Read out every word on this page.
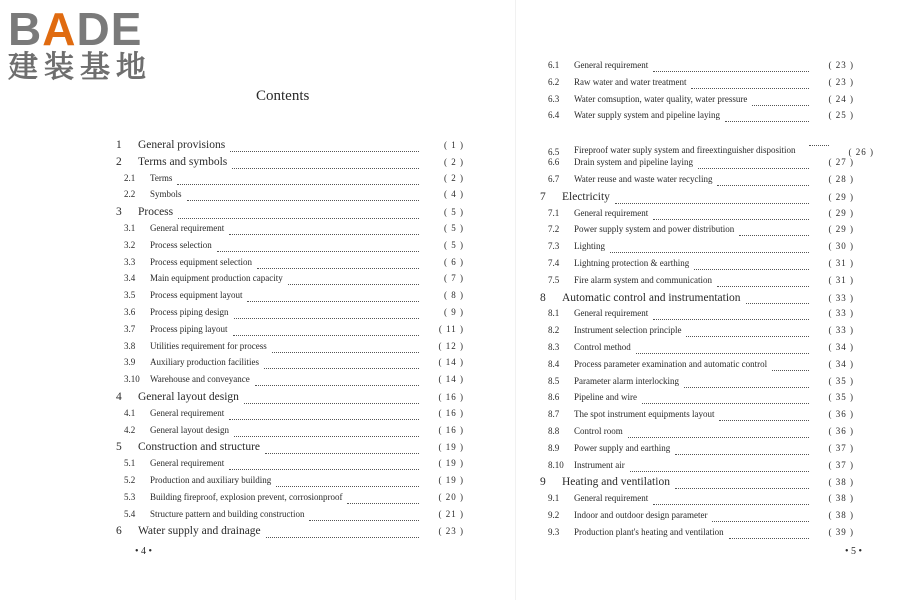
BADE
建装基地
Contents
1	General provisions	( 1 )
2	Terms and symbols	( 2 )
2.1	Terms	( 2 )
2.2	Symbols	( 4 )
3	Process	( 5 )
3.1	General requirement	( 5 )
3.2	Process selection	( 5 )
3.3	Process equipment selection	( 6 )
3.4	Main equipment production capacity	( 7 )
3.5	Process equipment layout	( 8 )
3.6	Process piping design	( 9 )
3.7	Process piping layout	( 11 )
3.8	Utilities requirement for process	( 12 )
3.9	Auxiliary production facilities	( 14 )
3.10	Warehouse and conveyance	( 14 )
4	General layout design	( 16 )
4.1	General requirement	( 16 )
4.2	General layout design	( 16 )
5	Construction and structure	( 19 )
5.1	General requirement	( 19 )
5.2	Production and auxiliary building	( 19 )
5.3	Building fireproof, explosion prevent, corrosionproof	( 20 )
5.4	Structure pattern and building construction	( 21 )
6	Water supply and drainage	( 23 )
6.1	General requirement	( 23 )
6.2	Raw water and water treatment	( 23 )
6.3	Water comsuption, water quality, water pressure	( 24 )
6.4	Water supply system and pipeline laying	( 25 )
6.5	Fireproof water suply system and fireextinguisher disposition	( 26 )
6.6	Drain system and pipeline laying	( 27 )
6.7	Water reuse and waste water recycling	( 28 )
7	Electricity	( 29 )
7.1	General requirement	( 29 )
7.2	Power supply system and power distribution	( 29 )
7.3	Lighting	( 30 )
7.4	Lightning protection & earthing	( 31 )
7.5	Fire alarm system and communication	( 31 )
8	Automatic control and instrumentation	( 33 )
8.1	General requirement	( 33 )
8.2	Instrument selection principle	( 33 )
8.3	Control method	( 34 )
8.4	Process parameter examination and automatic control	( 34 )
8.5	Parameter alarm interlocking	( 35 )
8.6	Pipeline and wire	( 35 )
8.7	The spot instrument equipments layout	( 36 )
8.8	Control room	( 36 )
8.9	Power supply and earthing	( 37 )
8.10	Instrument air	( 37 )
9	Heating and ventilation	( 38 )
9.1	General requirement	( 38 )
9.2	Indoor and outdoor design parameter	( 38 )
9.3	Production plant's heating and ventilation	( 39 )
• 4 •	• 5 •
